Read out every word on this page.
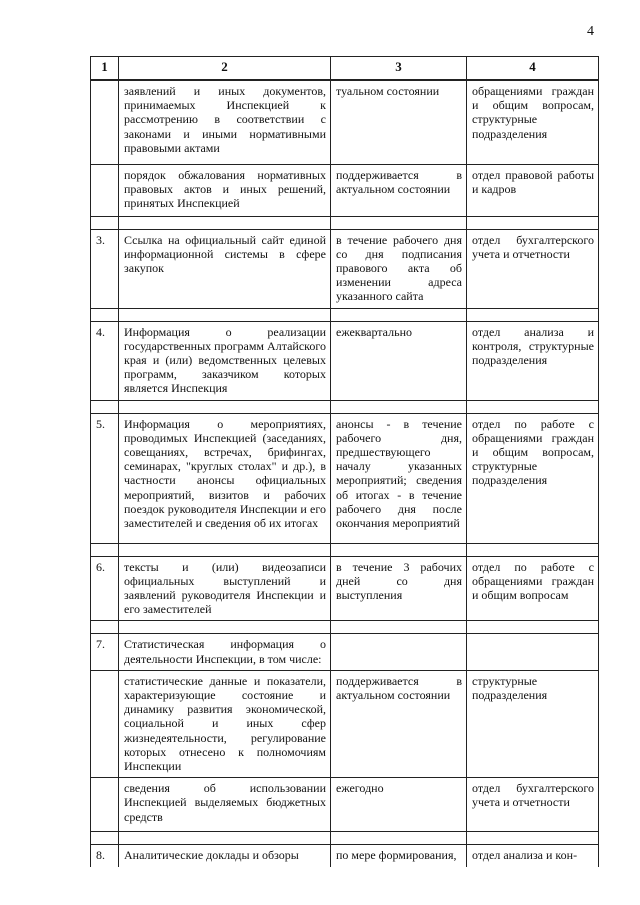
4
1	2	3	4
	заявлений и иных документов, принимаемых Инспекцией к рассмотрению в соответствии с законами и иными нормативными правовыми актами	туальном состоянии	обращениями граждан и общим вопросам, структурные подразделения
	порядок обжалования нормативных правовых актов и иных решений, принятых Инспекцией	поддерживается в актуальном состоянии	отдел правовой работы и кадров

3.	Ссылка на официальный сайт единой информационной системы в сфере закупок	в течение рабочего дня со дня подписания правового акта об изменении адреса указанного сайта	отдел бухгалтерского учета и отчетности

4.	Информация о реализации государственных программ Алтайского края и (или) ведомственных целевых программ, заказчиком которых является Инспекция	ежеквартально	отдел анализа и контроля, структурные подразделения

5.	Информация о мероприятиях, проводимых Инспекцией (заседаниях, совещаниях, встречах, брифингах, семинарах, "круглых столах" и др.), в частности анонсы официальных мероприятий, визитов и рабочих поездок руководителя Инспекции и его заместителей и сведения об их итогах	анонсы - в течение рабочего дня, предшествующего началу указанных мероприятий; сведения об итогах - в течение рабочего дня после окончания мероприятий	отдел по работе с обращениями граждан и общим вопросам, структурные подразделения

6.	тексты и (или) видеозаписи официальных выступлений и заявлений руководителя Инспекции и его заместителей	в течение 3 рабочих дней со дня выступления	отдел по работе с обращениями граждан и общим вопросам

7.	Статистическая информация о деятельности Инспекции, в том числе:		
	статистические данные и показатели, характеризующие состояние и динамику развития экономической, социальной и иных сфер жизнедеятельности, регулирование которых отнесено к полномочиям Инспекции	поддерживается в актуальном состоянии	структурные подразделения
	сведения об использовании Инспекцией выделяемых бюджетных средств	ежегодно	отдел бухгалтерского учета и отчетности

8.	Аналитические доклады и обзоры	по мере формирования,	отдел анализа и кон-
